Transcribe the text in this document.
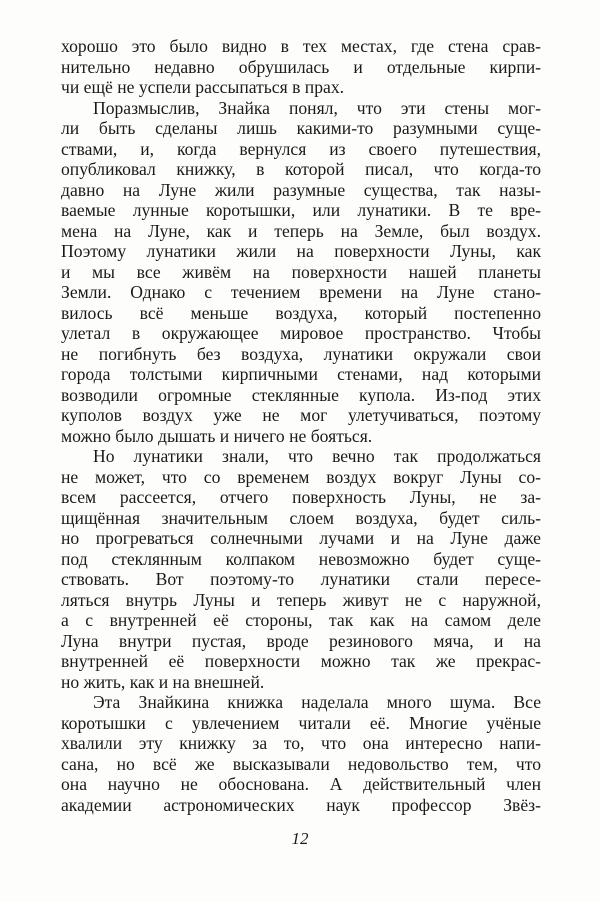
хорошо это было видно в тех местах, где стена срав-
нительно недавно обрушилась и отдельные кирпи-
чи ещё не успели рассыпаться в прах.
Поразмыслив, Знайка понял, что эти стены мог-
ли быть сделаны лишь какими-то разумными суще-
ствами, и, когда вернулся из своего путешествия,
опубликовал книжку, в которой писал, что когда-то
давно на Луне жили разумные существа, так назы-
ваемые лунные коротышки, или лунатики. В те вре-
мена на Луне, как и теперь на Земле, был воздух.
Поэтому лунатики жили на поверхности Луны, как
и мы все живём на поверхности нашей планеты
Земли. Однако с течением времени на Луне стано-
вилось всё меньше воздуха, который постепенно
улетал в окружающее мировое пространство. Чтобы
не погибнуть без воздуха, лунатики окружали свои
города толстыми кирпичными стенами, над которыми
возводили огромные стеклянные купола. Из-под этих
куполов воздух уже не мог улетучиваться, поэтому
можно было дышать и ничего не бояться.
Но лунатики знали, что вечно так продолжаться
не может, что со временем воздух вокруг Луны со-
всем рассеется, отчего поверхность Луны, не за-
щищённая значительным слоем воздуха, будет силь-
но прогреваться солнечными лучами и на Луне даже
под стеклянным колпаком невозможно будет суще-
ствовать. Вот поэтому-то лунатики стали пересе-
ляться внутрь Луны и теперь живут не с наружной,
а с внутренней её стороны, так как на самом деле
Луна внутри пустая, вроде резинового мяча, и на
внутренней её поверхности можно так же прекрас-
но жить, как и на внешней.
Эта Знайкина книжка наделала много шума. Все
коротышки с увлечением читали её. Многие учёные
хвалили эту книжку за то, что она интересно напи-
сана, но всё же высказывали недовольство тем, что
она научно не обоснована. А действительный член
академии астрономических наук профессор Звёз-
12
